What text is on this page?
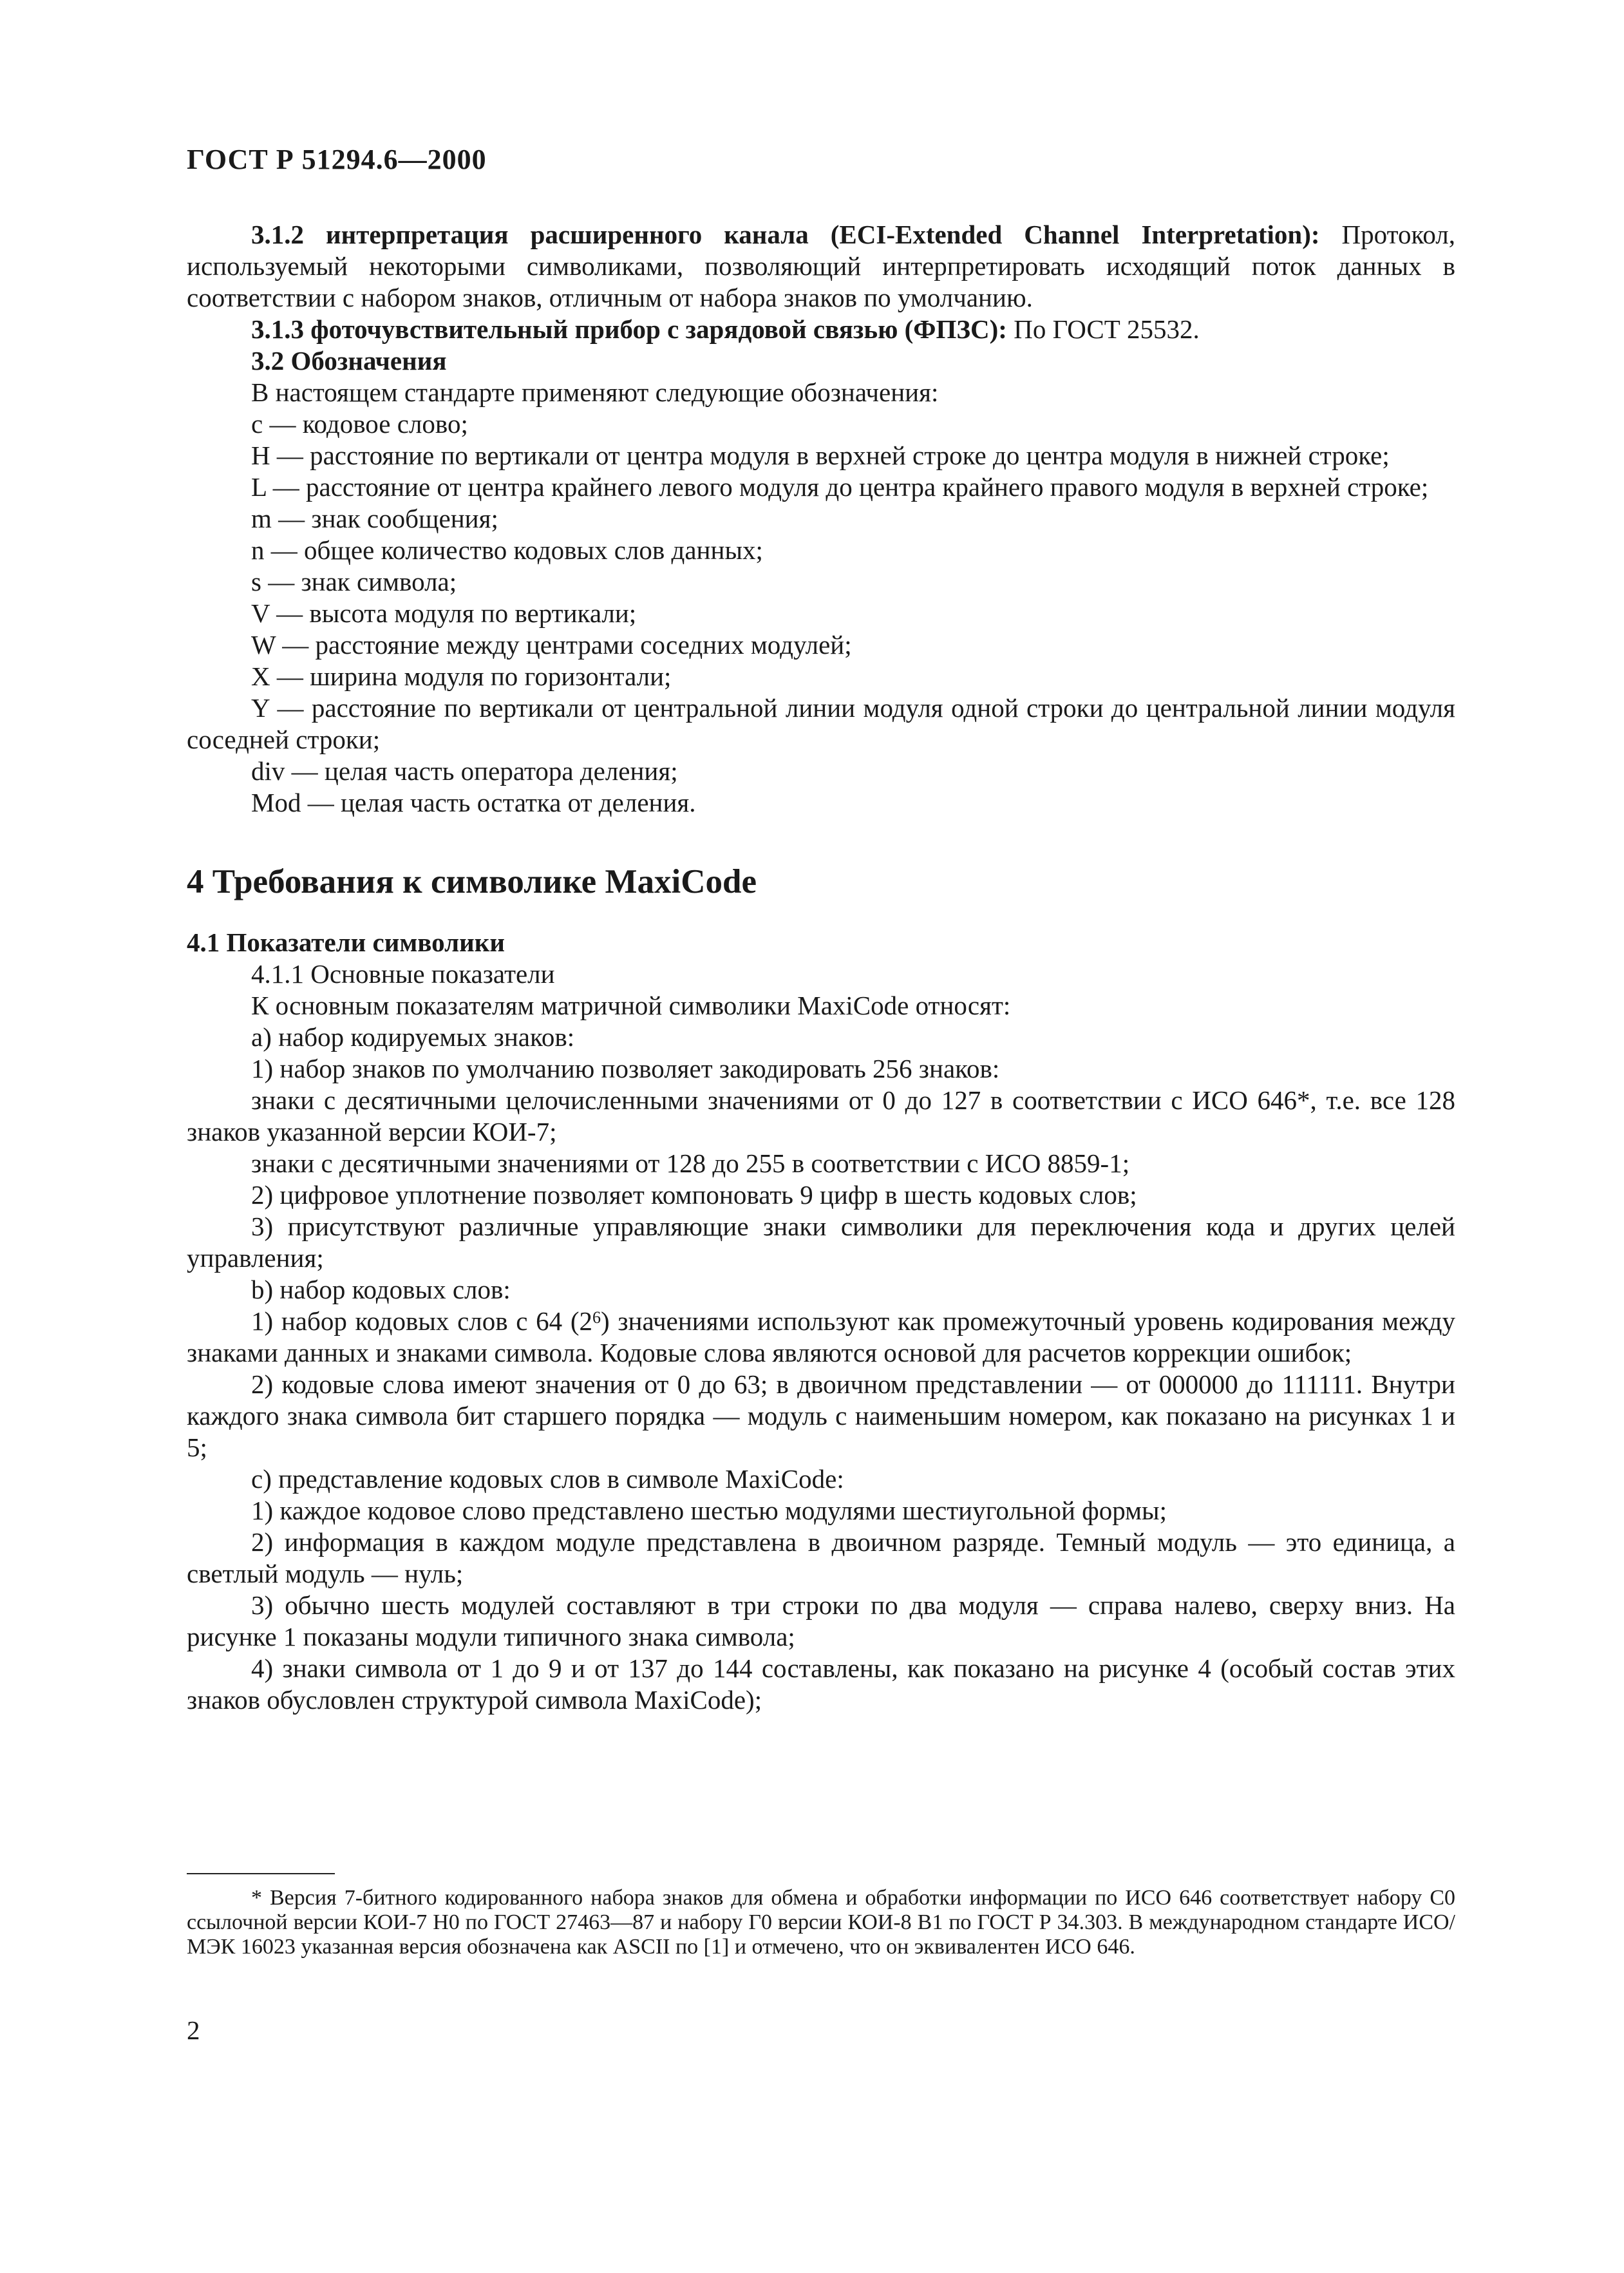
ГОСТ Р 51294.6—2000

3.1.2 интерпретация расширенного канала (ECI-Extended Channel Interpretation): Протокол, используемый некоторыми символиками, позволяющий интерпретировать исходящий поток данных в соответствии с набором знаков, отличным от набора знаков по умолчанию.

3.1.3 фоточувствительный прибор с зарядовой связью (ФПЗС): По ГОСТ 25532.

3.2 Обозначения

В настоящем стандарте применяют следующие обозначения:

с — кодовое слово;

Н — расстояние по вертикали от центра модуля в верхней строке до центра модуля в нижней строке;

L — расстояние от центра крайнего левого модуля до центра крайнего правого модуля в верхней строке;

m — знак сообщения;

n — общее количество кодовых слов данных;

s — знак символа;

V — высота модуля по вертикали;

W — расстояние между центрами соседних модулей;

X — ширина модуля по горизонтали;

Y — расстояние по вертикали от центральной линии модуля одной строки до центральной линии модуля соседней строки;

div — целая часть оператора деления;

Mod — целая часть остатка от деления.

4 Требования к символике MaxiCode

4.1 Показатели символики

4.1.1 Основные показатели

К основным показателям матричной символики MaxiCode относят:

а) набор кодируемых знаков:

1) набор знаков по умолчанию позволяет закодировать 256 знаков:

знаки с десятичными целочисленными значениями от 0 до 127 в соответствии с ИСО 646*, т.е. все 128 знаков указанной версии КОИ-7;

знаки с десятичными значениями от 128 до 255 в соответствии с ИСО 8859-1;

2) цифровое уплотнение позволяет компоновать 9 цифр в шесть кодовых слов;

3) присутствуют различные управляющие знаки символики для переключения кода и других целей управления;

b) набор кодовых слов:

1) набор кодовых слов с 64 $(2^6)$ значениями используют как промежуточный уровень кодирования между знаками данных и знаками символа. Кодовые слова являются основой для расчетов коррекции ошибок;

2) кодовые слова имеют значения от 0 до 63; в двоичном представлении — от 000000 до 111111. Внутри каждого знака символа бит старшего порядка — модуль с наименьшим номером, как показано на рисунках 1 и 5;

с) представление кодовых слов в символе MaxiCode:

1) каждое кодовое слово представлено шестью модулями шестиугольной формы;

2) информация в каждом модуле представлена в двоичном разряде. Темный модуль — это единица, а светлый модуль — нуль;

3) обычно шесть модулей составляют в три строки по два модуля — справа налево, сверху вниз. На рисунке 1 показаны модули типичного знака символа;

4) знаки символа от 1 до 9 и от 137 до 144 составлены, как показано на рисунке 4 (особый состав этих знаков обусловлен структурой символа MaxiCode);

* Версия 7-битного кодированного набора знаков для обмена и обработки информации по ИСО 646 соответствует набору С0 ссылочной версии КОИ-7 Н0 по ГОСТ 27463—87 и набору Г0 версии КОИ-8 В1 по ГОСТ Р 34.303. В международном стандарте ИСО/МЭК 16023 указанная версия обозначена как ASCII по [1] и отмечено, что он эквивалентен ИСО 646.

2
